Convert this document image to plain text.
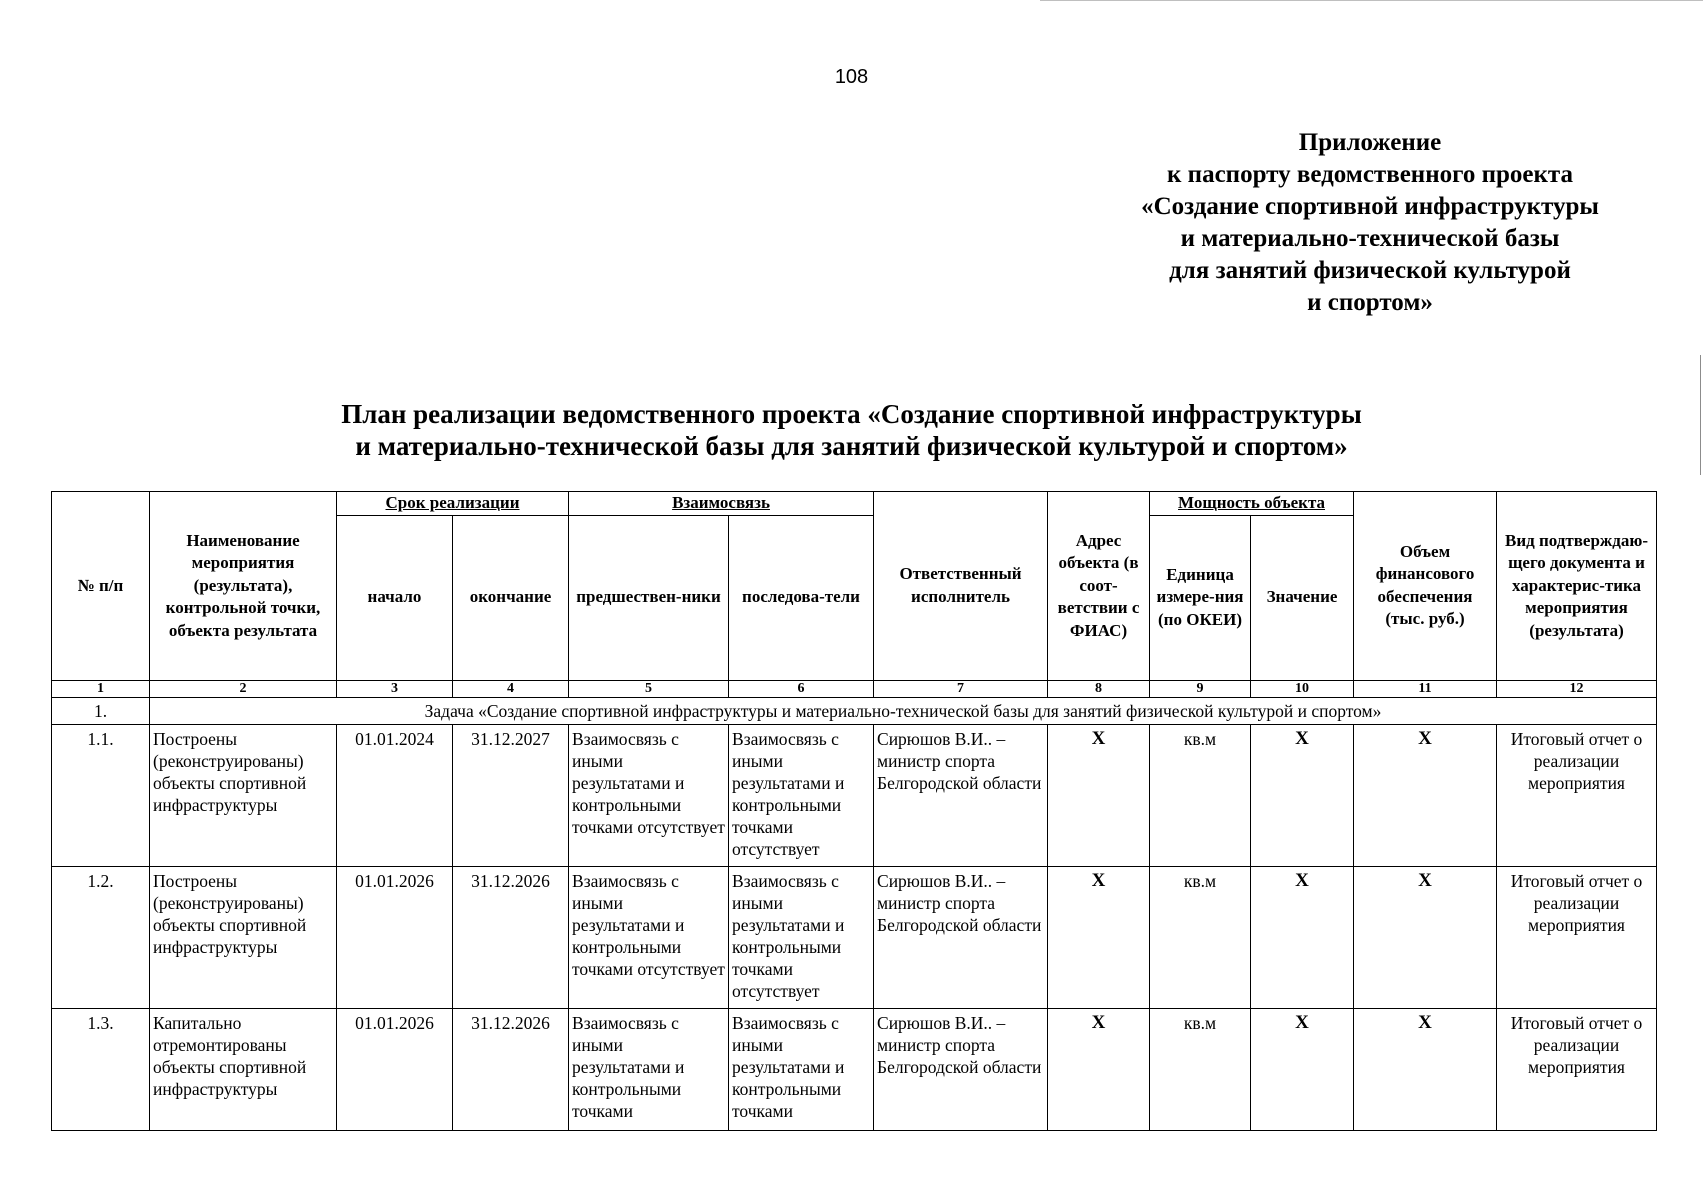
108
Приложение
к паспорту ведомственного проекта
«Создание спортивной инфраструктуры
и материально-технической базы
для занятий физической культурой
и спортом»
План реализации ведомственного проекта «Создание спортивной инфраструктуры
и материально-технической базы для занятий физической культурой и спортом»
№ п/п	Наименование мероприятия (результата), контрольной точки, объекта результата	Срок реализации		Взаимосвязь		Ответственный исполнитель	Адрес объекта (в соот-ветствии с ФИАС)	Мощность объекта		Объем финансового обеспечения (тыс. руб.)	Вид подтверждаю-щего документа и характерис-тика мероприятия (результата)
		начало	окончание	предшествен-ники	последова-тели			Единица измере-ния (по ОКЕИ)	Значение		
1	2	3	4	5	6	7	8	9	10	11	12
1.	Задача «Создание спортивной инфраструктуры и материально-технической базы для занятий физической культурой и спортом»										
1.1.	Построены (реконструированы) объекты спортивной инфраструктуры	01.01.2024	31.12.2027	Взаимосвязь с иными результатами и контрольными точками отсутствует	Взаимосвязь с иными результатами и контрольными точками отсутствует	Сирюшов В.И.. – министр спорта Белгородской области	Х	кв.м	Х	Х	Итоговый отчет о реализации мероприятия
1.2.	Построены (реконструированы) объекты спортивной инфраструктуры	01.01.2026	31.12.2026	Взаимосвязь с иными результатами и контрольными точками отсутствует	Взаимосвязь с иными результатами и контрольными точками отсутствует	Сирюшов В.И.. – министр спорта Белгородской области	Х	кв.м	Х	Х	Итоговый отчет о реализации мероприятия
1.3.	Капитально отремонтированы объекты спортивной инфраструктуры	01.01.2026	31.12.2026	Взаимосвязь с иными результатами и контрольными точками	Взаимосвязь с иными результатами и контрольными точками	Сирюшов В.И.. – министр спорта Белгородской области	Х	кв.м	Х	Х	Итоговый отчет о реализации мероприятия
